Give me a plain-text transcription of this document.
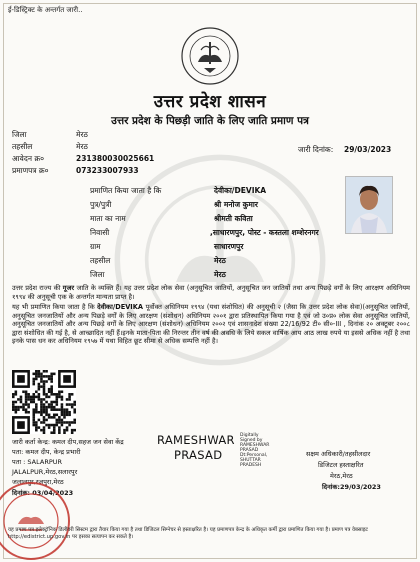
ई-डिस्ट्रिक्ट के अन्तर्गत जारी..
उत्तर प्रदेश शासन
उत्तर प्रदेश के पिछड़ी जाति के लिए जाति प्रमाण पत्र
जिला	मेरठ
तहसील	मेरठ
आवेदन क्र०	231380030025661
प्रमाणपत्र क्र०	073233007933
जारी दिनांक: 29/03/2023
प्रमाणित किया जाता है कि	देवीका/DEVIKA
पुत्र/पुत्री	श्री मनोज कुमार
माता का नाम	श्रीमती कविता
निवासी	,साधारणपुर, पोस्ट - कस्तला शम्शेरनगर
ग्राम	साधारणपुर
तहसील	मेरठ
जिला	मेरठ
उत्तर प्रदेश राज्य की गूजर जाति के व्यक्ति हैं। यह उत्तर प्रदेश लोक सेवा (अनुसूचित जातियों, अनुसूचित जन जातियों तथा अन्य पिछड़े वर्गों के लिए आरक्षण अधिनियम १९९४ की अनुसूची एक के अन्तर्गत मान्यता प्राप्त है।
यह भी प्रमाणित किया जाता है कि देवीका/DEVIKA पूर्वोक्त अधिनियम १९९४ (यथा संशोधित) की अनुसूची २ (जैसा कि उत्तर प्रदेश लोक सेवा)(अनुसूचित जातियों, अनुसूचित जनजातियों और अन्य पिछड़े वर्गों के लिए आरक्षण (संशोधन) अधिनियम २००१ द्वारा प्रतिस्थापित किया गया है एवं जो उ०प्र० लोक सेवा अनुसूचित जातियों, अनुसूचित जनजातियों और अन्य पिछड़े वर्गों के लिए आरक्षण (संशोधन) अधिनियम २००२ एवं शासनादेश संख्या 22/16/92 टी० सी०-III , दिनांक २० अक्टूबर २००८ द्वारा संशोधित की गई है, से आच्छादित नहीं हैं।इनके माता-पिता की निरन्तर तीन वर्ष की अवधि के लिये सकल वार्षिक आय आठ लाख रुपये या इससे अधिक नहीं है तथा इनके पास धन कर अधिनियम १९५७ में यथा विहित छूट सीमा से अधिक सम्पत्ति नहीं है।
जारी कर्ता केन्द्र: कमल दीप,सहज जन सेवा केंद्र
पता: कमल दीप, केन्द्र प्रभारी
पता : SALARPUR
JALALPUR,मेरठ,सलारपुर
जलालपुर,रजपुरा,मेरठ
दिनांक: 03/04/2023
RAMESHWAR
PRASAD
Digitally
Signed by
RAMESHWAR
PRASAD
Dt:Personal,
SHUTTAR
PRADESH
सक्षम अधिकारी/तहसीलदार
डिजिटल हस्ताक्षरित
मेरठ,मेरठ
दिनांक:29/03/2023
यह प्रमाण पत्र इलेक्ट्रॉनिक डिलीवरी सिस्टम द्वारा तैयार किया गया है तथा डिजिटल सिग्नेचर से हस्ताक्षरित है। यह प्रमाणपत्र केन्द्र के अधिकृत कर्मी द्वारा प्रमाणित किया गया है। प्रमाण पत्र वेबसाइट http://edistrict.up.gov.in पर इसका सत्यापन कर सकते है।
